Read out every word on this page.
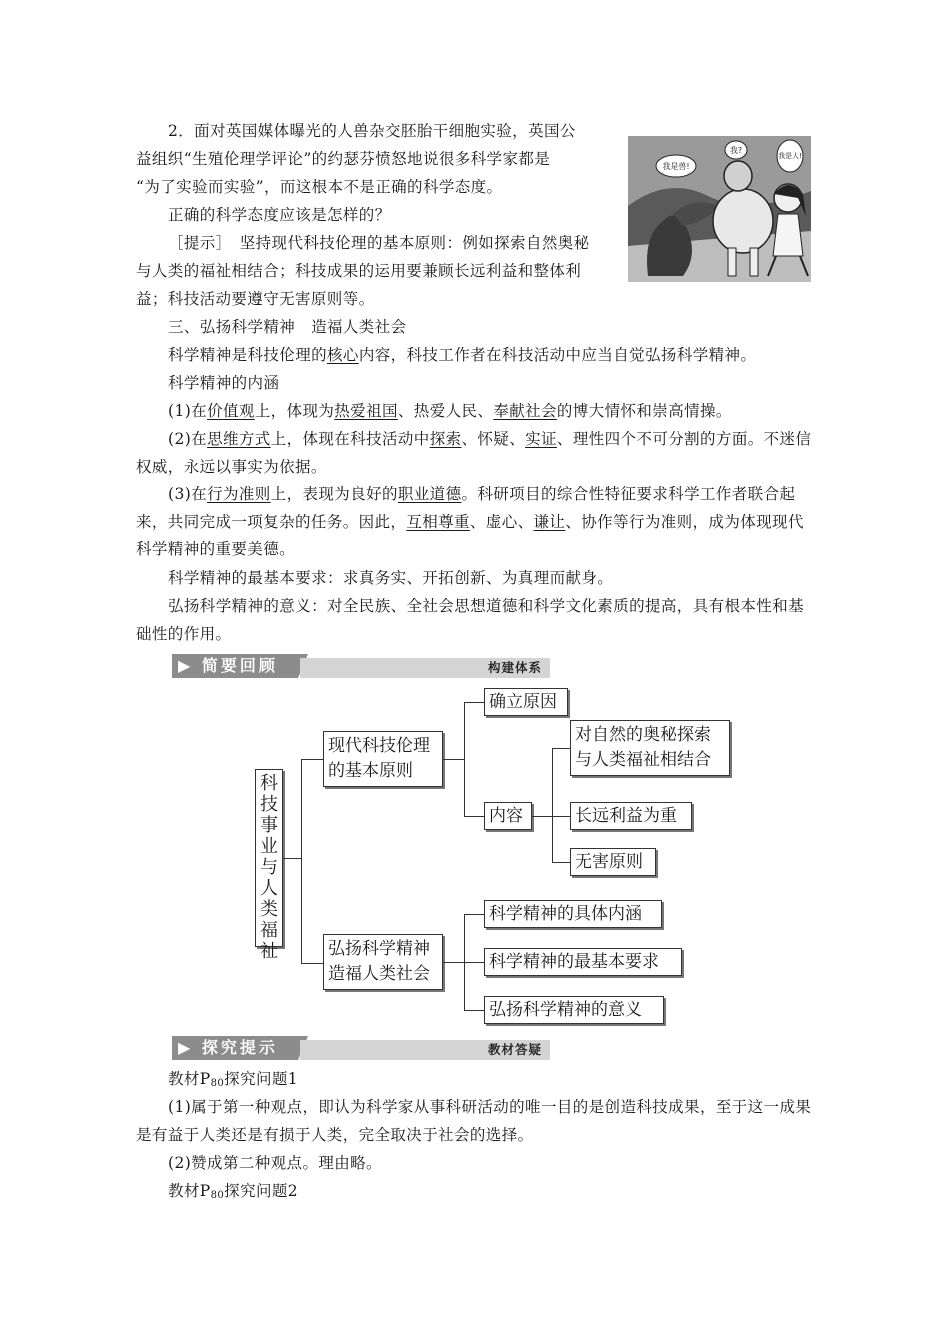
2．面对英国媒体曝光的人兽杂交胚胎干细胞实验，英国公
益组织“生殖伦理学评论”的约瑟芬愤怒地说很多科学家都是
“为了实验而实验”，而这根本不是正确的科学态度。
正确的科学态度应该是怎样的？
［提示］　坚持现代科技伦理的基本原则：例如探索自然奥秘
与人类的福祉相结合；科技成果的运用要兼顾长远利益和整体利
益；科技活动要遵守无害原则等。
我是兽!
我?
我是人!
三、弘扬科学精神　造福人类社会
科学精神是科技伦理的核心内容，科技工作者在科技活动中应当自觉弘扬科学精神。
科学精神的内涵
(1)在价值观上，体现为热爱祖国、热爱人民、奉献社会的博大情怀和崇高情操。
(2)在思维方式上，体现在科技活动中探索、怀疑、实证、理性四个不可分割的方面。不迷信权威，永远以事实为依据。
(3)在行为准则上，表现为良好的职业道德。科研项目的综合性特征要求科学工作者联合起来，共同完成一项复杂的任务。因此，互相尊重、虚心、谦让、协作等行为准则，成为体现现代科学精神的重要美德。
科学精神的最基本要求：求真务实、开拓创新、为真理而献身。
弘扬科学精神的意义：对全民族、全社会思想道德和科学文化素质的提高，具有根本性和基础性的作用。
▶ 简要回顾	构建体系
科技事业与人类福祉
现代科技伦理
的基本原则
确立原因
内容
对自然的奥秘探索
与人类福祉相结合
长远利益为重
无害原则
弘扬科学精神
造福人类社会
科学精神的具体内涵
科学精神的最基本要求
弘扬科学精神的意义
▶ 探究提示	教材答疑
教材$P_{80}$探究问题1
(1)属于第一种观点，即认为科学家从事科研活动的唯一目的是创造科技成果，至于这一成果是有益于人类还是有损于人类，完全取决于社会的选择。
(2)赞成第二种观点。理由略。
教材$P_{80}$探究问题2
